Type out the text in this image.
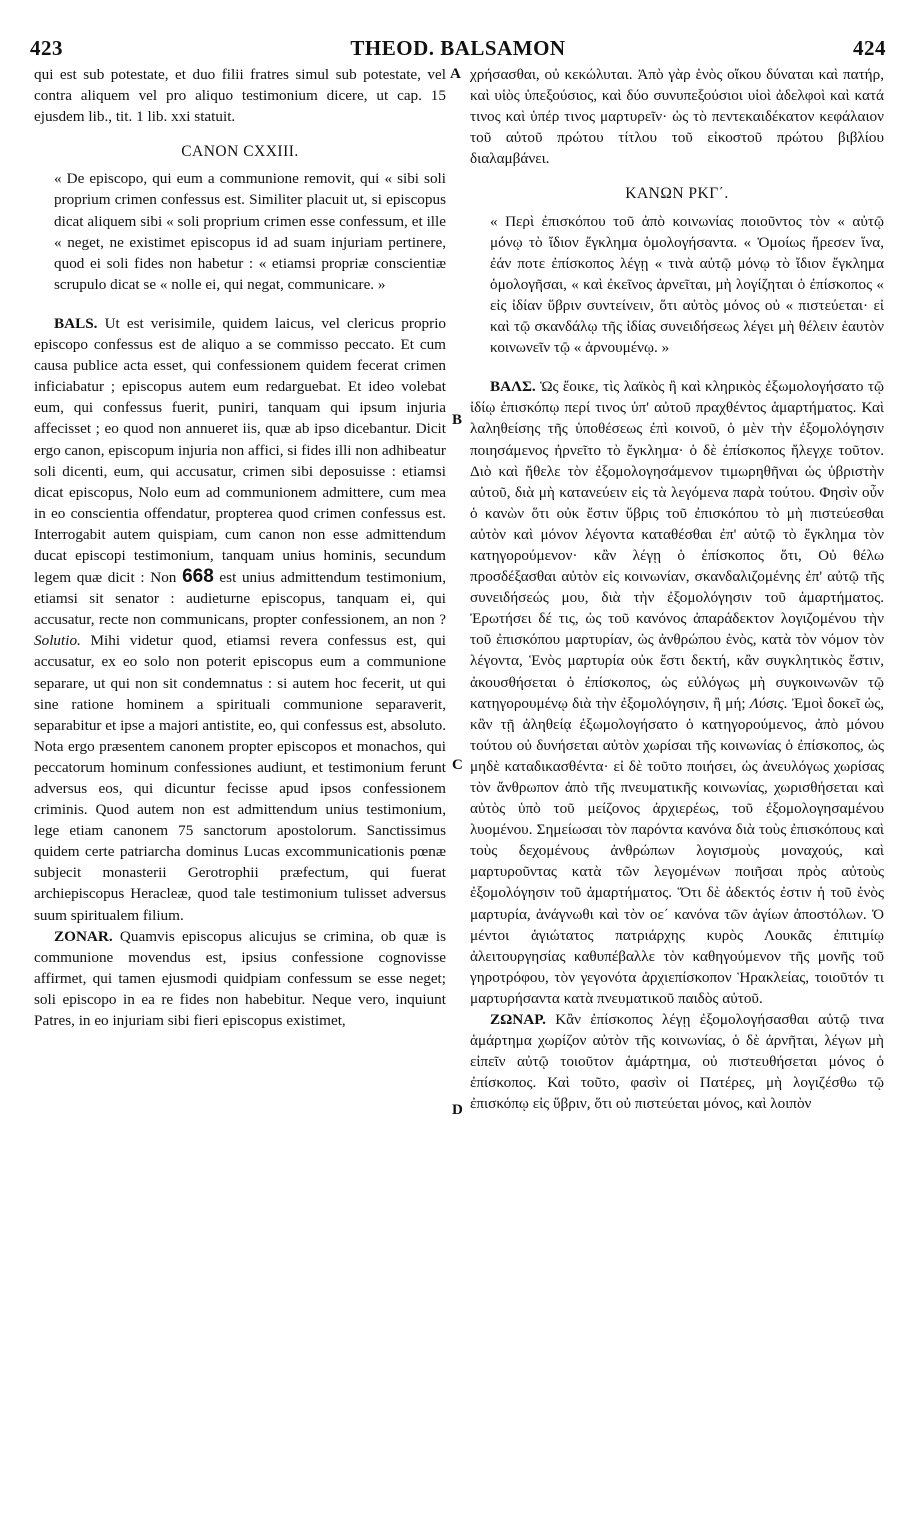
423	THEOD. BALSAMON	424
A
B
C
D

qui est sub potestate, et duo filii fratres simul sub potestate, vel contra aliquem vel pro aliquo testimonium dicere, ut cap. 15 ejusdem lib., tit. 1 lib. xxi statuit.

CANON CXXIII.

« De episcopo, qui eum a communione removit, qui « sibi soli proprium crimen confessus est. Similiter placuit ut, si episcopus dicat aliquem sibi « soli proprium crimen esse confessum, et ille « neget, ne existimet episcopus id ad suam injuriam pertinere, quod ei soli fides non habetur : « etiamsi propriæ conscientiæ scrupulo dicat se « nolle ei, qui negat, communicare. »

BALS. Ut est verisimile, quidem laicus, vel clericus proprio episcopo confessus est de aliquo a se commisso peccato. Et cum causa publice acta esset, qui confessionem quidem fecerat crimen inficiabatur ; episcopus autem eum redarguebat. Et ideo volebat eum, qui confessus fuerit, puniri, tanquam qui ipsum injuria affecisset ; eo quod non annueret iis, quæ ab ipso dicebantur. Dicit ergo canon, episcopum injuria non affici, si fides illi non adhibeatur soli dicenti, eum, qui accusatur, crimen sibi deposuisse : etiamsi dicat episcopus, Nolo eum ad communionem admittere, cum mea in eo conscientia offendatur, propterea quod crimen confessus est. Interrogabit autem quispiam, cum canon non esse admittendum ducat episcopi testimonium, tanquam unius hominis, secundum legem quæ dicit : Non 668 est unius admittendum testimonium, etiamsi sit senator : audieturne episcopus, tanquam ei, qui accusatur, recte non communicans, propter confessionem, an non ? Solutio. Mihi videtur quod, etiamsi revera confessus est, qui accusatur, ex eo solo non poterit episcopus eum a communione separare, ut qui non sit condemnatus : si autem hoc fecerit, ut qui sine ratione hominem a spirituali communione separaverit, separabitur et ipse a majori antistite, eo, qui confessus est, absoluto. Nota ergo præsentem canonem propter episcopos et monachos, qui peccatorum hominum confessiones audiunt, et testimonium ferunt adversus eos, qui dicuntur fecisse apud ipsos confessionem criminis. Quod autem non est admittendum unius testimonium, lege etiam canonem 75 sanctorum apostolorum. Sanctissimus quidem certe patriarcha dominus Lucas excommunicationis pœnæ subjecit monasterii Gerotrophii præfectum, qui fuerat archiepiscopus Heracleæ, quod tale testimonium tulisset adversus suum spiritualem filium.

ZONAR. Quamvis episcopus alicujus se crimina, ob quæ is communione movendus est, ipsius confessione cognovisse affirmet, qui tamen ejusmodi quidpiam confessum se esse neget; soli episcopo in ea re fides non habebitur. Neque vero, inquiunt Patres, in eo injuriam sibi fieri episcopus existimet,

χρήσασθαι, οὐ κεκώλυται. Ἀπὸ γὰρ ἑνὸς οἴκου δύναται καὶ πατήρ, καὶ υἱὸς ὑπεξούσιος, καὶ δύο συνυπεξούσιοι υἱοὶ ἀδελφοὶ καὶ κατά τινος καὶ ὑπέρ τινος μαρτυρεῖν· ὡς τὸ πεντεκαιδέκατον κεφάλαιον τοῦ αὐτοῦ πρώτου τίτλου τοῦ εἰκοστοῦ πρώτου βιβλίου διαλαμβάνει.

ΚΑΝΩΝ ΡΚΓ΄.

« Περὶ ἐπισκόπου τοῦ ἀπὸ κοινωνίας ποιοῦντος τὸν « αὐτῷ μόνῳ τὸ ἴδιον ἔγκλημα ὁμολογήσαντα. « Ὁμοίως ἤρεσεν ἵνα, ἐάν ποτε ἐπίσκοπος λέγῃ « τινὰ αὐτῷ μόνῳ τὸ ἴδιον ἔγκλημα ὁμολογῆσαι, « καὶ ἐκεῖνος ἀρνεῖται, μὴ λογίζηται ὁ ἐπίσκοπος « εἰς ἰδίαν ὕβριν συντείνειν, ὅτι αὐτὸς μόνος οὐ « πιστεύεται· εἰ καὶ τῷ σκανδάλῳ τῆς ἰδίας συνειδήσεως λέγει μὴ θέλειν ἑαυτὸν κοινωνεῖν τῷ « ἀρνουμένῳ. »

ΒΑΛΣ. Ὡς ἔοικε, τὶς λαϊκὸς ἢ καὶ κληρικὸς ἐξωμολογήσατο τῷ ἰδίῳ ἐπισκόπῳ περί τινος ὑπ' αὐτοῦ πραχθέντος ἁμαρτήματος. Καὶ λαληθείσης τῆς ὑποθέσεως ἐπὶ κοινοῦ, ὁ μὲν τὴν ἐξομολόγησιν ποιησάμενος ἠρνεῖτο τὸ ἔγκλημα· ὁ δὲ ἐπίσκοπος ἤλεγχε τοῦτον. Διὸ καὶ ἤθελε τὸν ἐξομολογησάμενον τιμωρηθῆναι ὡς ὑβριστὴν αὐτοῦ, διὰ μὴ κατανεύειν εἰς τὰ λεγόμενα παρὰ τούτου. Φησὶν οὖν ὁ κανὼν ὅτι οὐκ ἔστιν ὕβρις τοῦ ἐπισκόπου τὸ μὴ πιστεύεσθαι αὐτὸν καὶ μόνον λέγοντα καταθέσθαι ἐπ' αὐτῷ τὸ ἔγκλημα τὸν κατηγορούμενον· κἂν λέγῃ ὁ ἐπίσκοπος ὅτι, Οὐ θέλω προσδέξασθαι αὐτὸν εἰς κοινωνίαν, σκανδαλιζομένης ἐπ' αὐτῷ τῆς συνειδήσεώς μου, διὰ τὴν ἐξομολόγησιν τοῦ ἁμαρτήματος. Ἐρωτήσει δέ τις, ὡς τοῦ κανόνος ἀπαράδεκτον λογιζομένου τὴν τοῦ ἐπισκόπου μαρτυρίαν, ὡς ἀνθρώπου ἑνὸς, κατὰ τὸν νόμον τὸν λέγοντα, Ἑνὸς μαρτυρία οὐκ ἔστι δεκτή, κἂν συγκλητικὸς ἔστιν, ἀκουσθήσεται ὁ ἐπίσκοπος, ὡς εὐλόγως μὴ συγκοινωνῶν τῷ κατηγορουμένῳ διὰ τὴν ἐξομολόγησιν, ἢ μή; Λύσις. Ἐμοὶ δοκεῖ ὡς, κἂν τῇ ἀληθείᾳ ἐξωμολογήσατο ὁ κατηγορούμενος, ἀπὸ μόνου τούτου οὐ δυνήσεται αὐτὸν χωρίσαι τῆς κοινωνίας ὁ ἐπίσκοπος, ὡς μηδὲ καταδικασθέντα· εἰ δὲ τοῦτο ποιήσει, ὡς ἀνευλόγως χωρίσας τὸν ἄνθρωπον ἀπὸ τῆς πνευματικῆς κοινωνίας, χωρισθήσεται καὶ αὐτὸς ὑπὸ τοῦ μείζονος ἀρχιερέως, τοῦ ἐξομολογησαμένου λυομένου. Σημείωσαι τὸν παρόντα κανόνα διὰ τοὺς ἐπισκόπους καὶ τοὺς δεχομένους ἀνθρώπων λογισμοὺς μοναχούς, καὶ μαρτυροῦντας κατὰ τῶν λεγομένων ποιῆσαι πρὸς αὐτοὺς ἐξομολόγησιν τοῦ ἁμαρτήματος. Ὅτι δὲ ἀδεκτός ἐστιν ἡ τοῦ ἑνὸς μαρτυρία, ἀνάγνωθι καὶ τὸν οε΄ κανόνα τῶν ἁγίων ἀποστόλων. Ὁ μέντοι ἁγιώτατος πατριάρχης κυρὸς Λουκᾶς ἐπιτιμίῳ ἀλειτουργησίας καθυπέβαλλε τὸν καθηγούμενον τῆς μονῆς τοῦ γηροτρόφου, τὸν γεγονότα ἀρχιεπίσκοπον Ἡρακλείας, τοιοῦτόν τι μαρτυρήσαντα κατὰ πνευματικοῦ παιδὸς αὐτοῦ.

ΖΩΝΑΡ. Κἂν ἐπίσκοπος λέγῃ ἐξομολογήσασθαι αὐτῷ τινα ἁμάρτημα χωρίζον αὐτὸν τῆς κοινωνίας, ὁ δὲ ἀρνῆται, λέγων μὴ εἰπεῖν αὐτῷ τοιοῦτον ἁμάρτημα, οὐ πιστευθήσεται μόνος ὁ ἐπίσκοπος. Καὶ τοῦτο, φασὶν οἱ Πατέρες, μὴ λογιζέσθω τῷ ἐπισκόπῳ εἰς ὕβριν, ὅτι οὐ πιστεύεται μόνος, καὶ λοιπὸν
